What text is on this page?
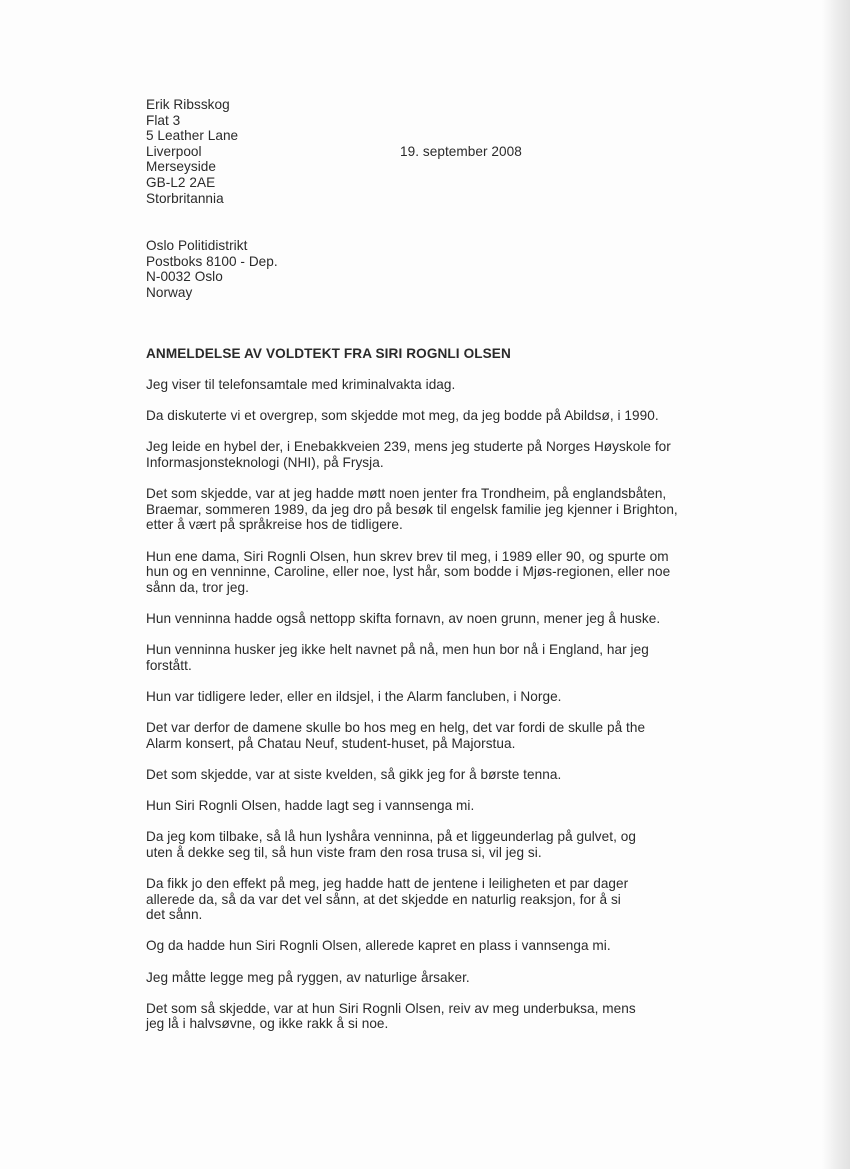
Erik Ribsskog
Flat 3
5 Leather Lane
Liverpool
Merseyside
GB-L2 2AE
Storbritannia
19. september 2008
Oslo Politidistrikt
Postboks 8100 - Dep.
N-0032 Oslo
Norway
ANMELDELSE AV VOLDTEKT FRA SIRI ROGNLI OLSEN
Jeg viser til telefonsamtale med kriminalvakta idag.
Da diskuterte vi et overgrep, som skjedde mot meg, da jeg bodde på Abildsø, i 1990.
Jeg leide en hybel der, i Enebakkveien 239, mens jeg studerte på Norges Høyskole for
Informasjonsteknologi (NHI), på Frysja.
Det som skjedde, var at jeg hadde møtt noen jenter fra Trondheim, på englandsbåten,
Braemar, sommeren 1989, da jeg dro på besøk til engelsk familie jeg kjenner i Brighton,
etter å vært på språkreise hos de tidligere.
Hun ene dama, Siri Rognli Olsen, hun skrev brev til meg, i 1989 eller 90, og spurte om
hun og en venninne, Caroline, eller noe, lyst hår, som bodde i Mjøs-regionen, eller noe
sånn da, tror jeg.
Hun venninna hadde også nettopp skifta fornavn, av noen grunn, mener jeg å huske.
Hun venninna husker jeg ikke helt navnet på nå, men hun bor nå i England, har jeg
forstått.
Hun var tidligere leder, eller en ildsjel, i the Alarm fancluben, i Norge.
Det var derfor de damene skulle bo hos meg en helg, det var fordi de skulle på the
Alarm konsert, på Chatau Neuf, student-huset, på Majorstua.
Det som skjedde, var at siste kvelden, så gikk jeg for å børste tenna.
Hun Siri Rognli Olsen, hadde lagt seg i vannsenga mi.
Da jeg kom tilbake, så lå hun lyshåra venninna, på et liggeunderlag på gulvet, og
uten å dekke seg til, så hun viste fram den rosa trusa si, vil jeg si.
Da fikk jo den effekt på meg, jeg hadde hatt de jentene i leiligheten et par dager
allerede da, så da var det vel sånn, at det skjedde en naturlig reaksjon, for å si
det sånn.
Og da hadde hun Siri Rognli Olsen, allerede kapret en plass i vannsenga mi.
Jeg måtte legge meg på ryggen, av naturlige årsaker.
Det som så skjedde, var at hun Siri Rognli Olsen, reiv av meg underbuksa, mens
jeg lå i halvsøvne, og ikke rakk å si noe.
